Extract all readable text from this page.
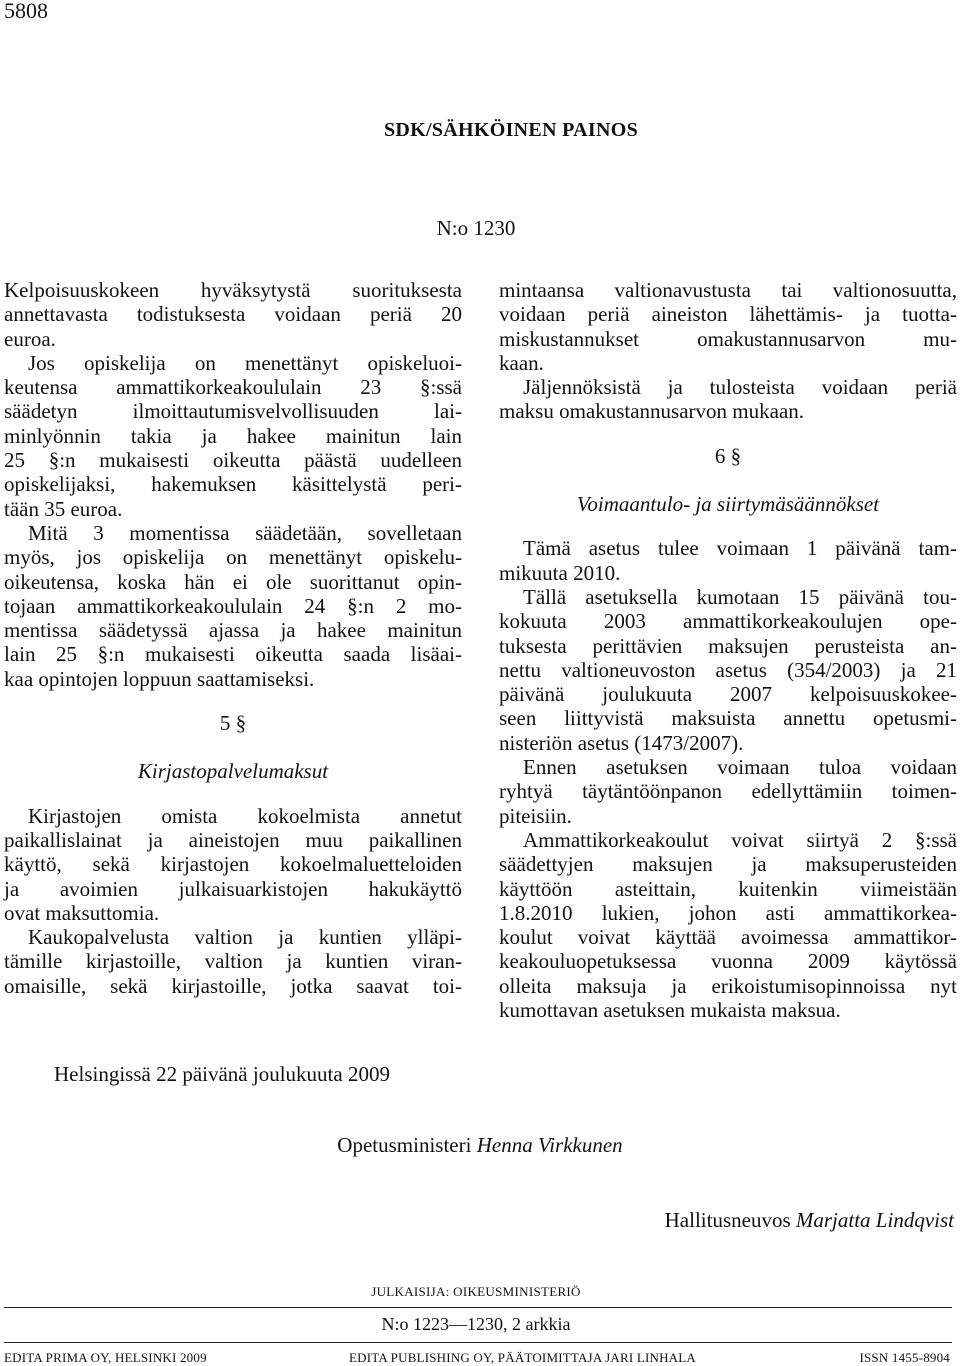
5808
SDK/SÄHKÖINEN PAINOS
N:o 1230

Kelpoisuuskokeen hyväksytystä suorituksesta
annettavasta todistuksesta voidaan periä 20
euroa.

Jos opiskelija on menettänyt opiskeluoi-
keutensa ammattikorkeakoululain 23 §:ssä
säädetyn ilmoittautumisvelvollisuuden lai-
minlyönnin takia ja hakee mainitun lain
25 §:n mukaisesti oikeutta päästä uudelleen
opiskelijaksi, hakemuksen käsittelystä peri-
tään 35 euroa.

Mitä 3 momentissa säädetään, sovelletaan
myös, jos opiskelija on menettänyt opiskelu-
oikeutensa, koska hän ei ole suorittanut opin-
tojaan ammattikorkeakoululain 24 §:n 2 mo-
mentissa säädetyssä ajassa ja hakee mainitun
lain 25 §:n mukaisesti oikeutta saada lisäai-
kaa opintojen loppuun saattamiseksi.

5 §
Kirjastopalvelumaksut

Kirjastojen omista kokoelmista annetut
paikallislainat ja aineistojen muu paikallinen
käyttö, sekä kirjastojen kokoelmaluetteloiden
ja avoimien julkaisuarkistojen hakukäyttö
ovat maksuttomia.

Kaukopalvelusta valtion ja kuntien ylläpi-
tämille kirjastoille, valtion ja kuntien viran-
omaisille, sekä kirjastoille, jotka saavat toi-

mintaansa valtionavustusta tai valtionosuutta,
voidaan periä aineiston lähettämis- ja tuotta-
miskustannukset omakustannusarvon mu-
kaan.

Jäljennöksistä ja tulosteista voidaan periä
maksu omakustannusarvon mukaan.

6 §
Voimaantulo- ja siirtymäsäännökset

Tämä asetus tulee voimaan 1 päivänä tam-
mikuuta 2010.

Tällä asetuksella kumotaan 15 päivänä tou-
kokuuta 2003 ammattikorkeakoulujen ope-
tuksesta perittävien maksujen perusteista an-
nettu valtioneuvoston asetus (354/2003) ja 21
päivänä joulukuuta 2007 kelpoisuuskokee-
seen liittyvistä maksuista annettu opetusmi-
nisteriön asetus (1473/2007).

Ennen asetuksen voimaan tuloa voidaan
ryhtyä täytäntöönpanon edellyttämiin toimen-
piteisiin.

Ammattikorkeakoulut voivat siirtyä 2 §:ssä
säädettyjen maksujen ja maksuperusteiden
käyttöön asteittain, kuitenkin viimeistään
1.8.2010 lukien, johon asti ammattikorkea-
koulut voivat käyttää avoimessa ammattikor-
keakouluopetuksessa vuonna 2009 käytössä
olleita maksuja ja erikoistumisopinnoissa nyt
kumottavan asetuksen mukaista maksua.

Helsingissä 22 päivänä joulukuuta 2009
Opetusministeri Henna Virkkunen
Hallitusneuvos Marjatta Lindqvist
JULKAISIJA: OIKEUSMINISTERIÖ
N:o 1223—1230, 2 arkkia
EDITA PRIMA OY, HELSINKI 2009	EDITA PUBLISHING OY, PÄÄTOIMITTAJA JARI LINHALA	ISSN 1455-8904
